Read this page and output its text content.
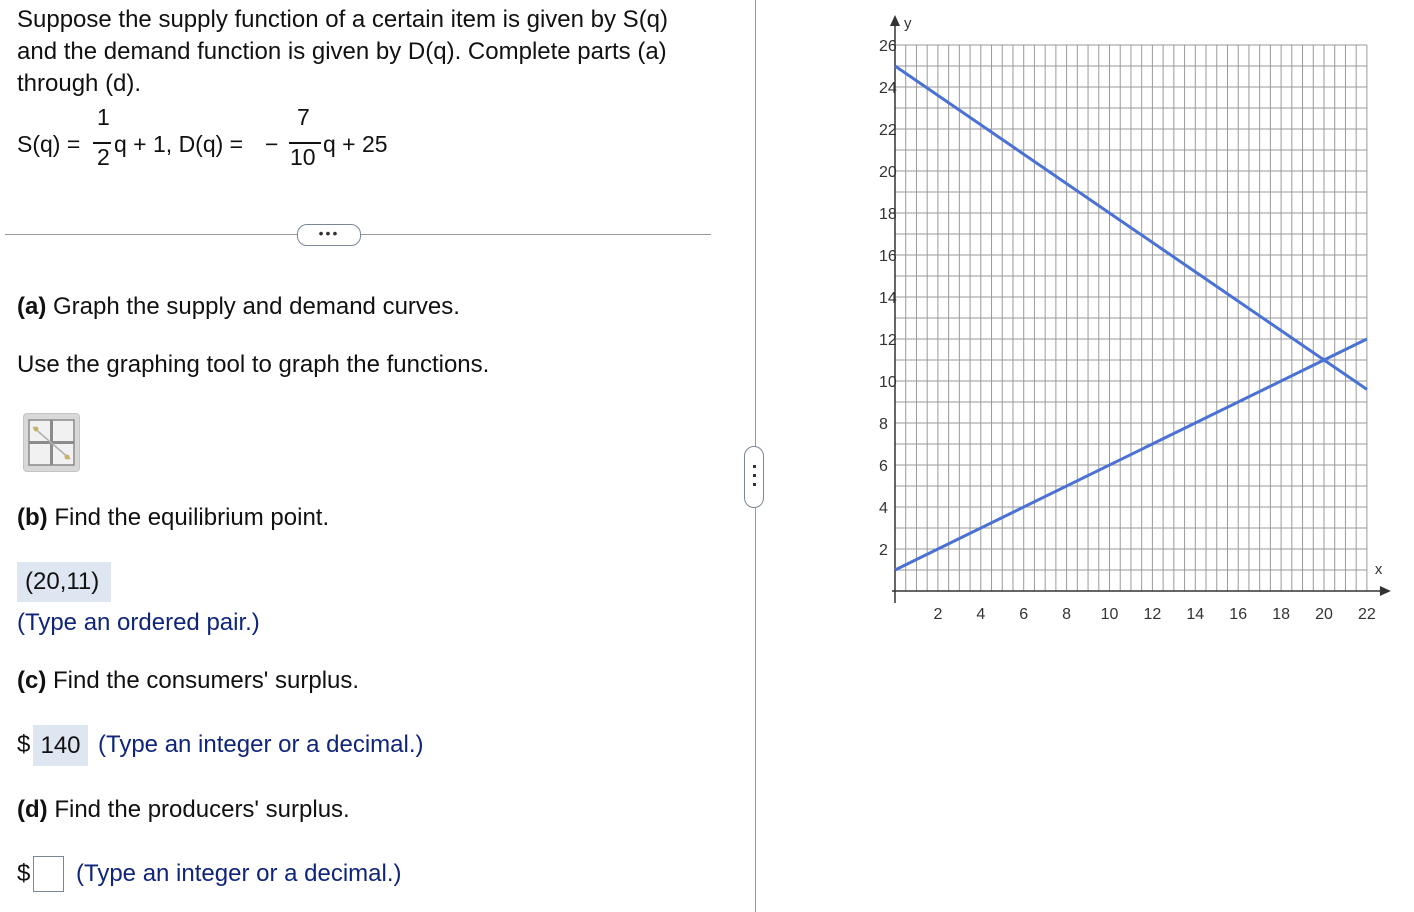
Suppose the supply function of a certain item is given by S(q) and the demand function is given by D(q). Complete parts (a) through (d).

S(q) =
1
2 q + 1, D(q) = −
7
10 q + 25
•••

(a) Graph the supply and demand curves.

Use the graphing tool to graph the functions.

(b) Find the equilibrium point.

(20,11)

(Type an ordered pair.)

(c) Find the consumers' surplus.

$ 140 (Type an integer or a decimal.)

(d) Find the producers' surplus.

$ (Type an integer or a decimal.)

y
x
2
4
6
8
10
12
14
16
18
20
22
24
26
2 4 6 8 10 12 14 16 18 20 22
